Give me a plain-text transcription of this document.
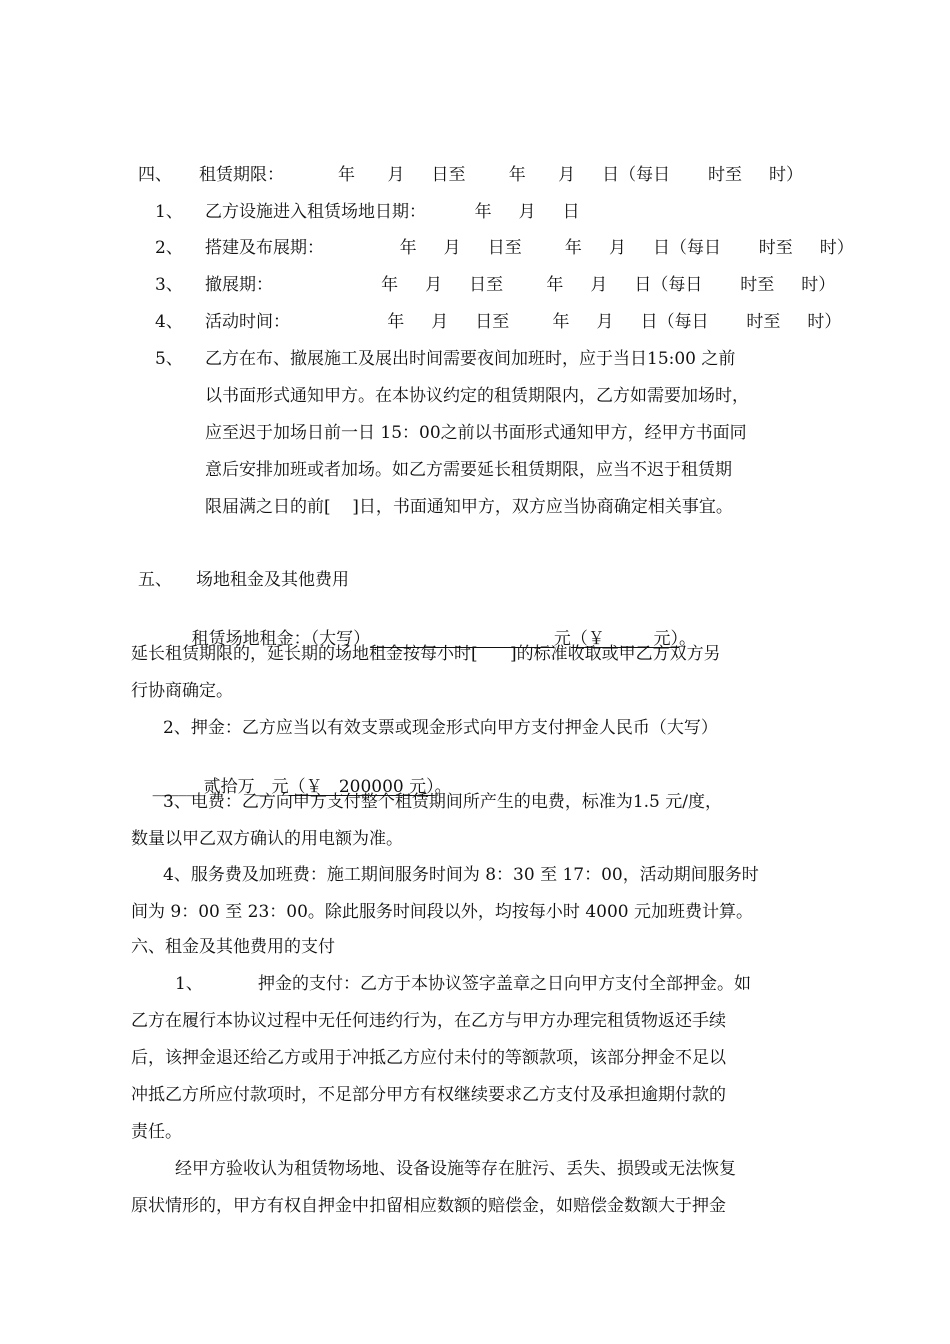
四、 租赁期限：          年      月     日至        年      月     日（每日       时至     时）
1、 乙方设施进入租赁场地日期：         年     月     日
2、 搭建及布展期：              年     月     日至        年     月     日（每日       时至     时）
3、 撤展期：                    年     月     日至        年     月     日（每日       时至     时）
4、 活动时间：                  年     月     日至        年     月     日（每日       时至     时）
5、 乙方在布、撤展施工及展出时间需要夜间加班时，应于当日15:00 之前
以书面形式通知甲方。在本协议约定的租赁期限内，乙方如需要加场时，
应至迟于加场日前一日 15：00之前以书面形式通知甲方，经甲方书面同
意后安排加班或者加场。如乙方需要延长租赁期限，应当不迟于租赁期
限届满之日的前[    ]日，书面通知甲方，双方应当协商确定相关事宜。
五、 场地租金及其他费用

租赁场地租金：（大写）	元（￥         元）。

延长租赁期限的，延长期的场地租金按每小时[      ]的标准收取或甲乙方双方另
行协商确定。
2、押金：乙方应当以有效支票或现金形式向甲方支付押金人民币（大写）

______贰拾万__元（￥   200000 元）。

3、电费：乙方向甲方支付整个租赁期间所产生的电费，标准为1.5 元/度，
数量以甲乙双方确认的用电额为准。
4、服务费及加班费：施工期间服务时间为 8：30 至 17：00，活动期间服务时
间为 9：00 至 23：00。除此服务时间段以外，均按每小时 4000 元加班费计算。
六、租金及其他费用的支付
1、	押金的支付：乙方于本协议签字盖章之日向甲方支付全部押金。如
乙方在履行本协议过程中无任何违约行为，在乙方与甲方办理完租赁物返还手续
后，该押金退还给乙方或用于冲抵乙方应付未付的等额款项，该部分押金不足以
冲抵乙方所应付款项时，不足部分甲方有权继续要求乙方支付及承担逾期付款的
责任。
经甲方验收认为租赁物场地、设备设施等存在脏污、丢失、损毁或无法恢复
原状情形的，甲方有权自押金中扣留相应数额的赔偿金，如赔偿金数额大于押金
